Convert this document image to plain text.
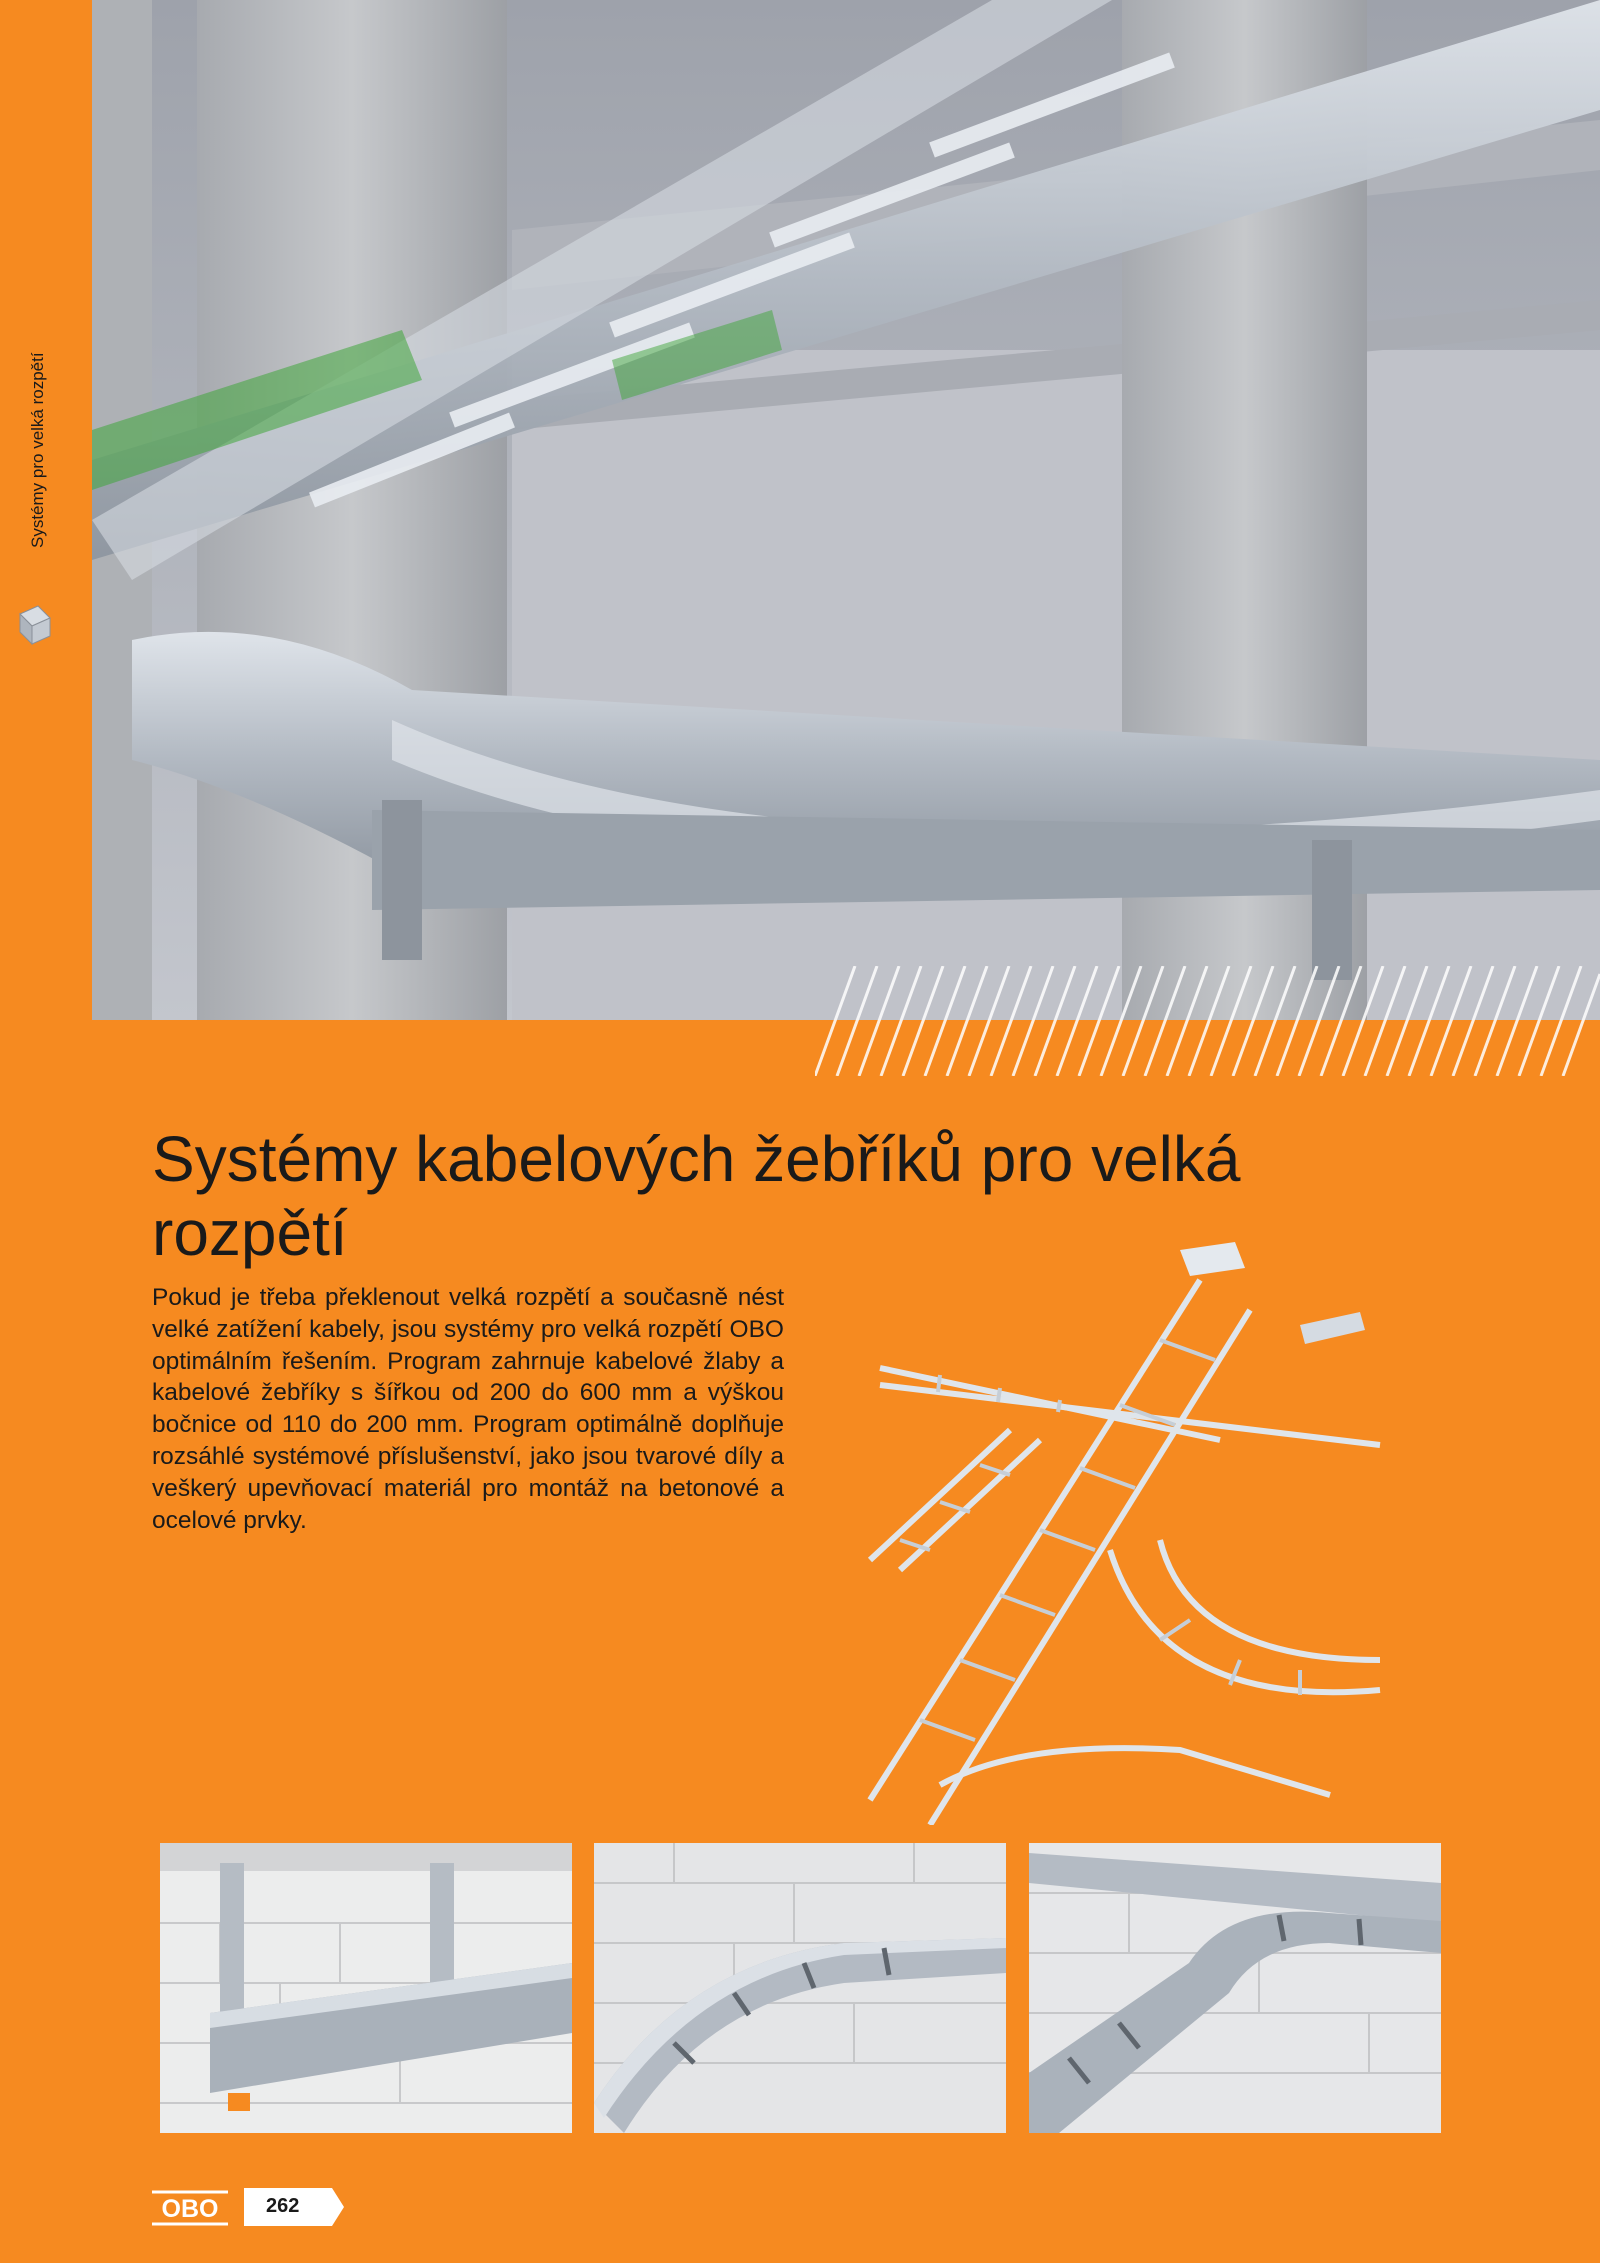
Systémy pro velká rozpětí
Systémy kabelových žebříků pro velká rozpětí

Pokud je třeba překlenout velká rozpětí a současně nést velké zatížení kabely, jsou systémy pro velká rozpětí OBO optimálním řešením. Program zahrnuje kabelové žlaby a kabelové žebříky s šířkou od 200 do 600 mm a výškou bočnice od 110 do 200 mm. Program optimálně doplňuje rozsáhlé systémové příslušenství, jako jsou tvarové díly a veškerý upevňovací materiál pro montáž na betonové a ocelové prvky.

OBO 262
